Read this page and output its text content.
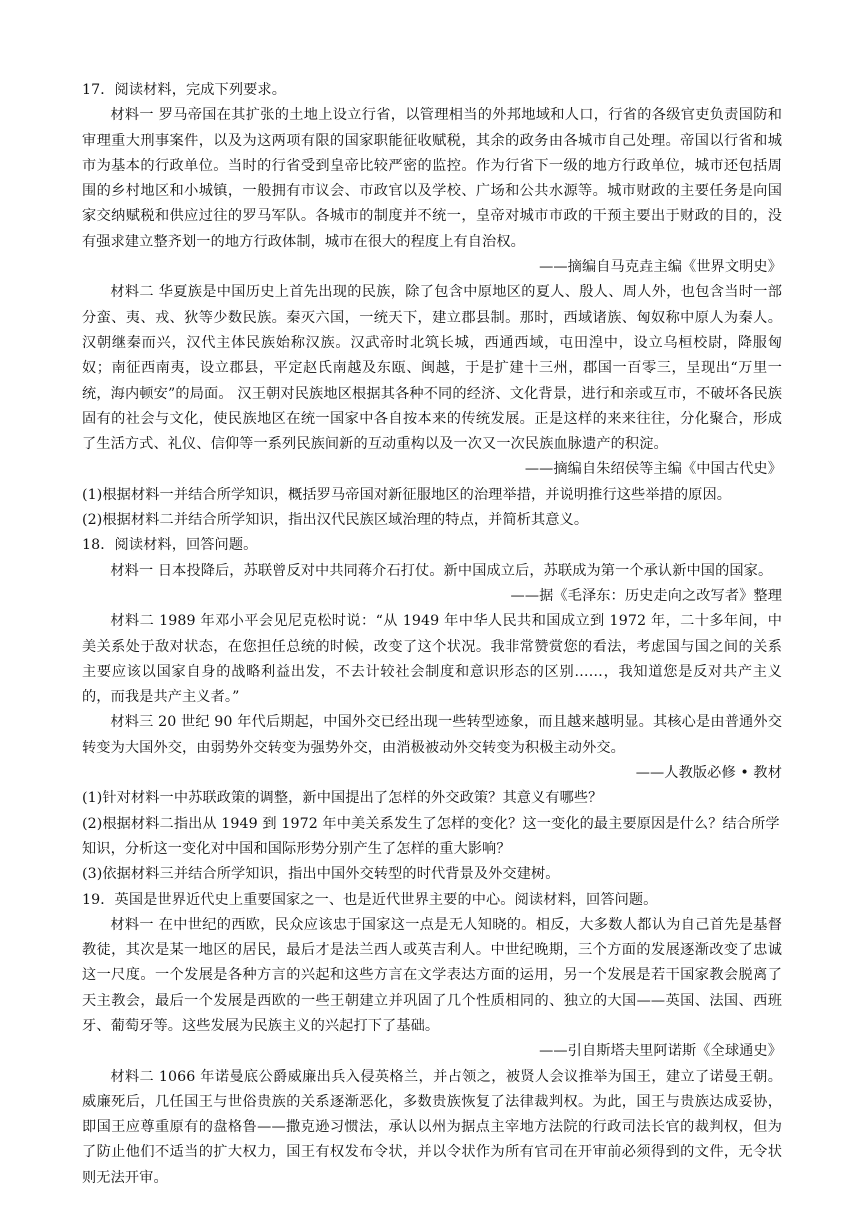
17．阅读材料，完成下列要求。

材料一 罗马帝国在其扩张的土地上设立行省，以管理相当的外邦地域和人口，行省的各级官吏负责国防和审理重大刑事案件，以及为这两项有限的国家职能征收赋税，其余的政务由各城市自己处理。帝国以行省和城市为基本的行政单位。当时的行省受到皇帝比较严密的监控。作为行省下一级的地方行政单位，城市还包括周围的乡村地区和小城镇，一般拥有市议会、市政官以及学校、广场和公共水源等。城市财政的主要任务是向国家交纳赋税和供应过往的罗马军队。各城市的制度并不统一，皇帝对城市市政的干预主要出于财政的目的，没有强求建立整齐划一的地方行政体制，城市在很大的程度上有自治权。

——摘编自马克垚主编《世界文明史》

材料二 华夏族是中国历史上首先出现的民族，除了包含中原地区的夏人、殷人、周人外，也包含当时一部分蛮、夷、戎、狄等少数民族。秦灭六国，一统天下，建立郡县制。那时，西域诸族、匈奴称中原人为秦人。汉朝继秦而兴，汉代主体民族始称汉族。汉武帝时北筑长城，西通西域，屯田湟中，设立乌桓校尉，降服匈奴；南征西南夷，设立郡县，平定赵氏南越及东瓯、闽越，于是扩建十三州，郡国一百零三，呈现出“万里一统，海内顿安”的局面。 汉王朝对民族地区根据其各种不同的经济、文化背景，进行和亲或互市，不破坏各民族固有的社会与文化，使民族地区在统一国家中各自按本来的传统发展。正是这样的来来往往，分化聚合，形成了生活方式、礼仪、信仰等一系列民族间新的互动重构以及一次又一次民族血脉遗产的积淀。

——摘编自朱绍侯等主编《中国古代史》

(1)根据材料一并结合所学知识，概括罗马帝国对新征服地区的治理举措，并说明推行这些举措的原因。

(2)根据材料二并结合所学知识，指出汉代民族区域治理的特点，并简析其意义。

18．阅读材料，回答问题。

材料一 日本投降后，苏联曾反对中共同蒋介石打仗。新中国成立后，苏联成为第一个承认新中国的国家。

——据《毛泽东：历史走向之改写者》整理

材料二 1989 年邓小平会见尼克松时说：“从 1949 年中华人民共和国成立到 1972 年，二十多年间，中美关系处于敌对状态，在您担任总统的时候，改变了这个状况。我非常赞赏您的看法，考虑国与国之间的关系主要应该以国家自身的战略利益出发，不去计较社会制度和意识形态的区别……，我知道您是反对共产主义的，而我是共产主义者。”

材料三 20 世纪 90 年代后期起，中国外交已经出现一些转型迹象，而且越来越明显。其核心是由普通外交转变为大国外交，由弱势外交转变为强势外交，由消极被动外交转变为积极主动外交。

——人教版必修 • 教材

(1)针对材料一中苏联政策的调整，新中国提出了怎样的外交政策？其意义有哪些？

(2)根据材料二指出从 1949 到 1972 年中美关系发生了怎样的变化？这一变化的最主要原因是什么？结合所学知识，分析这一变化对中国和国际形势分别产生了怎样的重大影响？

(3)依据材料三并结合所学知识，指出中国外交转型的时代背景及外交建树。

19．英国是世界近代史上重要国家之一、也是近代世界主要的中心。阅读材料，回答问题。

材料一 在中世纪的西欧，民众应该忠于国家这一点是无人知晓的。相反，大多数人都认为自己首先是基督教徒，其次是某一地区的居民，最后才是法兰西人或英吉利人。中世纪晚期，三个方面的发展逐渐改变了忠诚这一尺度。一个发展是各种方言的兴起和这些方言在文学表达方面的运用，另一个发展是若干国家教会脱离了天主教会，最后一个发展是西欧的一些王朝建立并巩固了几个性质相同的、独立的大国——英国、法国、西班牙、葡萄牙等。这些发展为民族主义的兴起打下了基础。

——引自斯塔夫里阿诺斯《全球通史》

材料二 1066 年诺曼底公爵威廉出兵入侵英格兰，并占领之，被贤人会议推举为国王，建立了诺曼王朝。威廉死后，几任国王与世俗贵族的关系逐渐恶化，多数贵族恢复了法律裁判权。为此，国王与贵族达成妥协，即国王应尊重原有的盘格鲁——撒克逊习惯法，承认以州为据点主宰地方法院的行政司法长官的裁判权，但为了防止他们不适当的扩大权力，国王有权发布令状，并以令状作为所有官司在开审前必须得到的文件，无令状则无法开审。
